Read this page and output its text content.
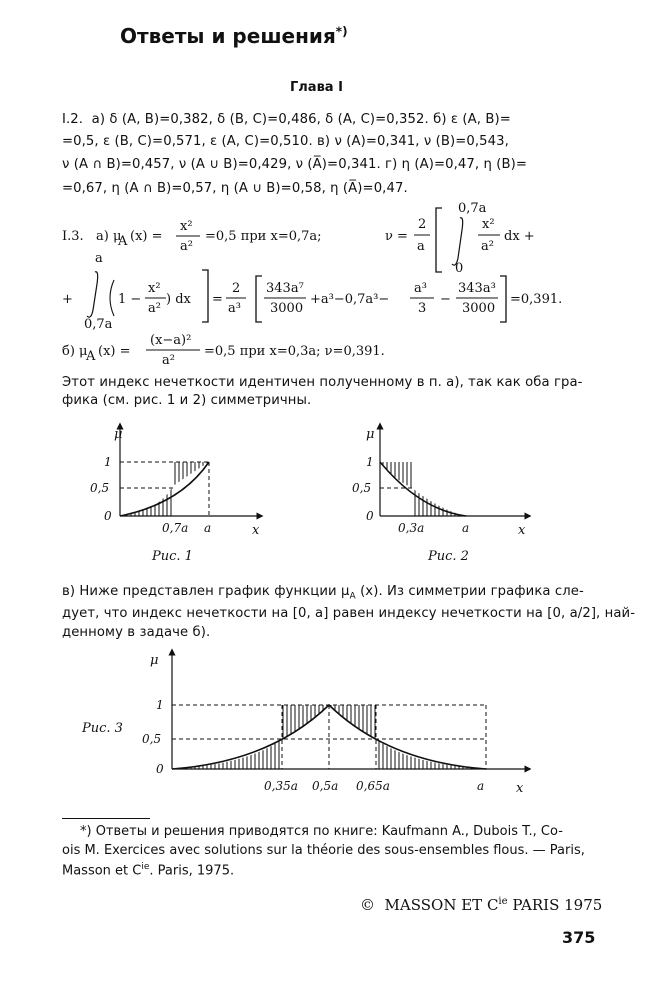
Ответы и решения*)
Глава I
I.2. а) δ (A, B)=0,382, δ (B, C)=0,486, δ (A, C)=0,352. б) ε (A, B)=
=0,5, ε (B, C)=0,571, ε (A, C)=0,510. в) ν (A)=0,341, ν (B)=0,543,
ν (A ∩ B)=0,457, ν (A ∪ B)=0,429, ν (A̅)=0,341. г) η (A)=0,47, η (B)=
=0,67, η (A ∩ B)=0,57, η (A ∪ B)=0,58, η (A̅)=0,47.
I.3. а) μ
A (x) =
x²
a²
=0,5 при x=0,7a;	ν =
2
a
0,7a
0
x²
a²
dx +
+
a
0,7a
1 −
x²
a²
) dx =
2
a³
343a⁷
3000
+a³−0,7a³−
a³
3
−
343a³
3000
=0,391.
б) μ
A (x) =
(x−a)²
a²
=0,5 при x=0,3a; ν=0,391.
Этот индекс нечеткости идентичен полученному в п. а), так как оба гра-
фика (см. рис. 1 и 2) симметричны.
μ
x
1
0,5
0
0,7a a
Рис. 1
μ
x
1
0,5
0
0,3a	a
Рис. 2
в) Ниже представлен график функции $\mu_A$ (x). Из симметрии графика сле-
дует, что индекс нечеткости на [0, a] равен индексу нечеткости на [0, a/2], най-
денному в задаче б).
Рис. 3
μ
x
1
0,5
0
0,35a 0,5a 0,65a	a
*) Ответы и решения приводятся по книге: Kaufmann A., Dubois T., Co-
ois M. Exercices avec solutions sur la théorie des sous-ensembles flous. — Paris,
Masson et $C^{ie}$. Paris, 1975.
© MASSON ET $C^{ie}$ PARIS 1975
375
